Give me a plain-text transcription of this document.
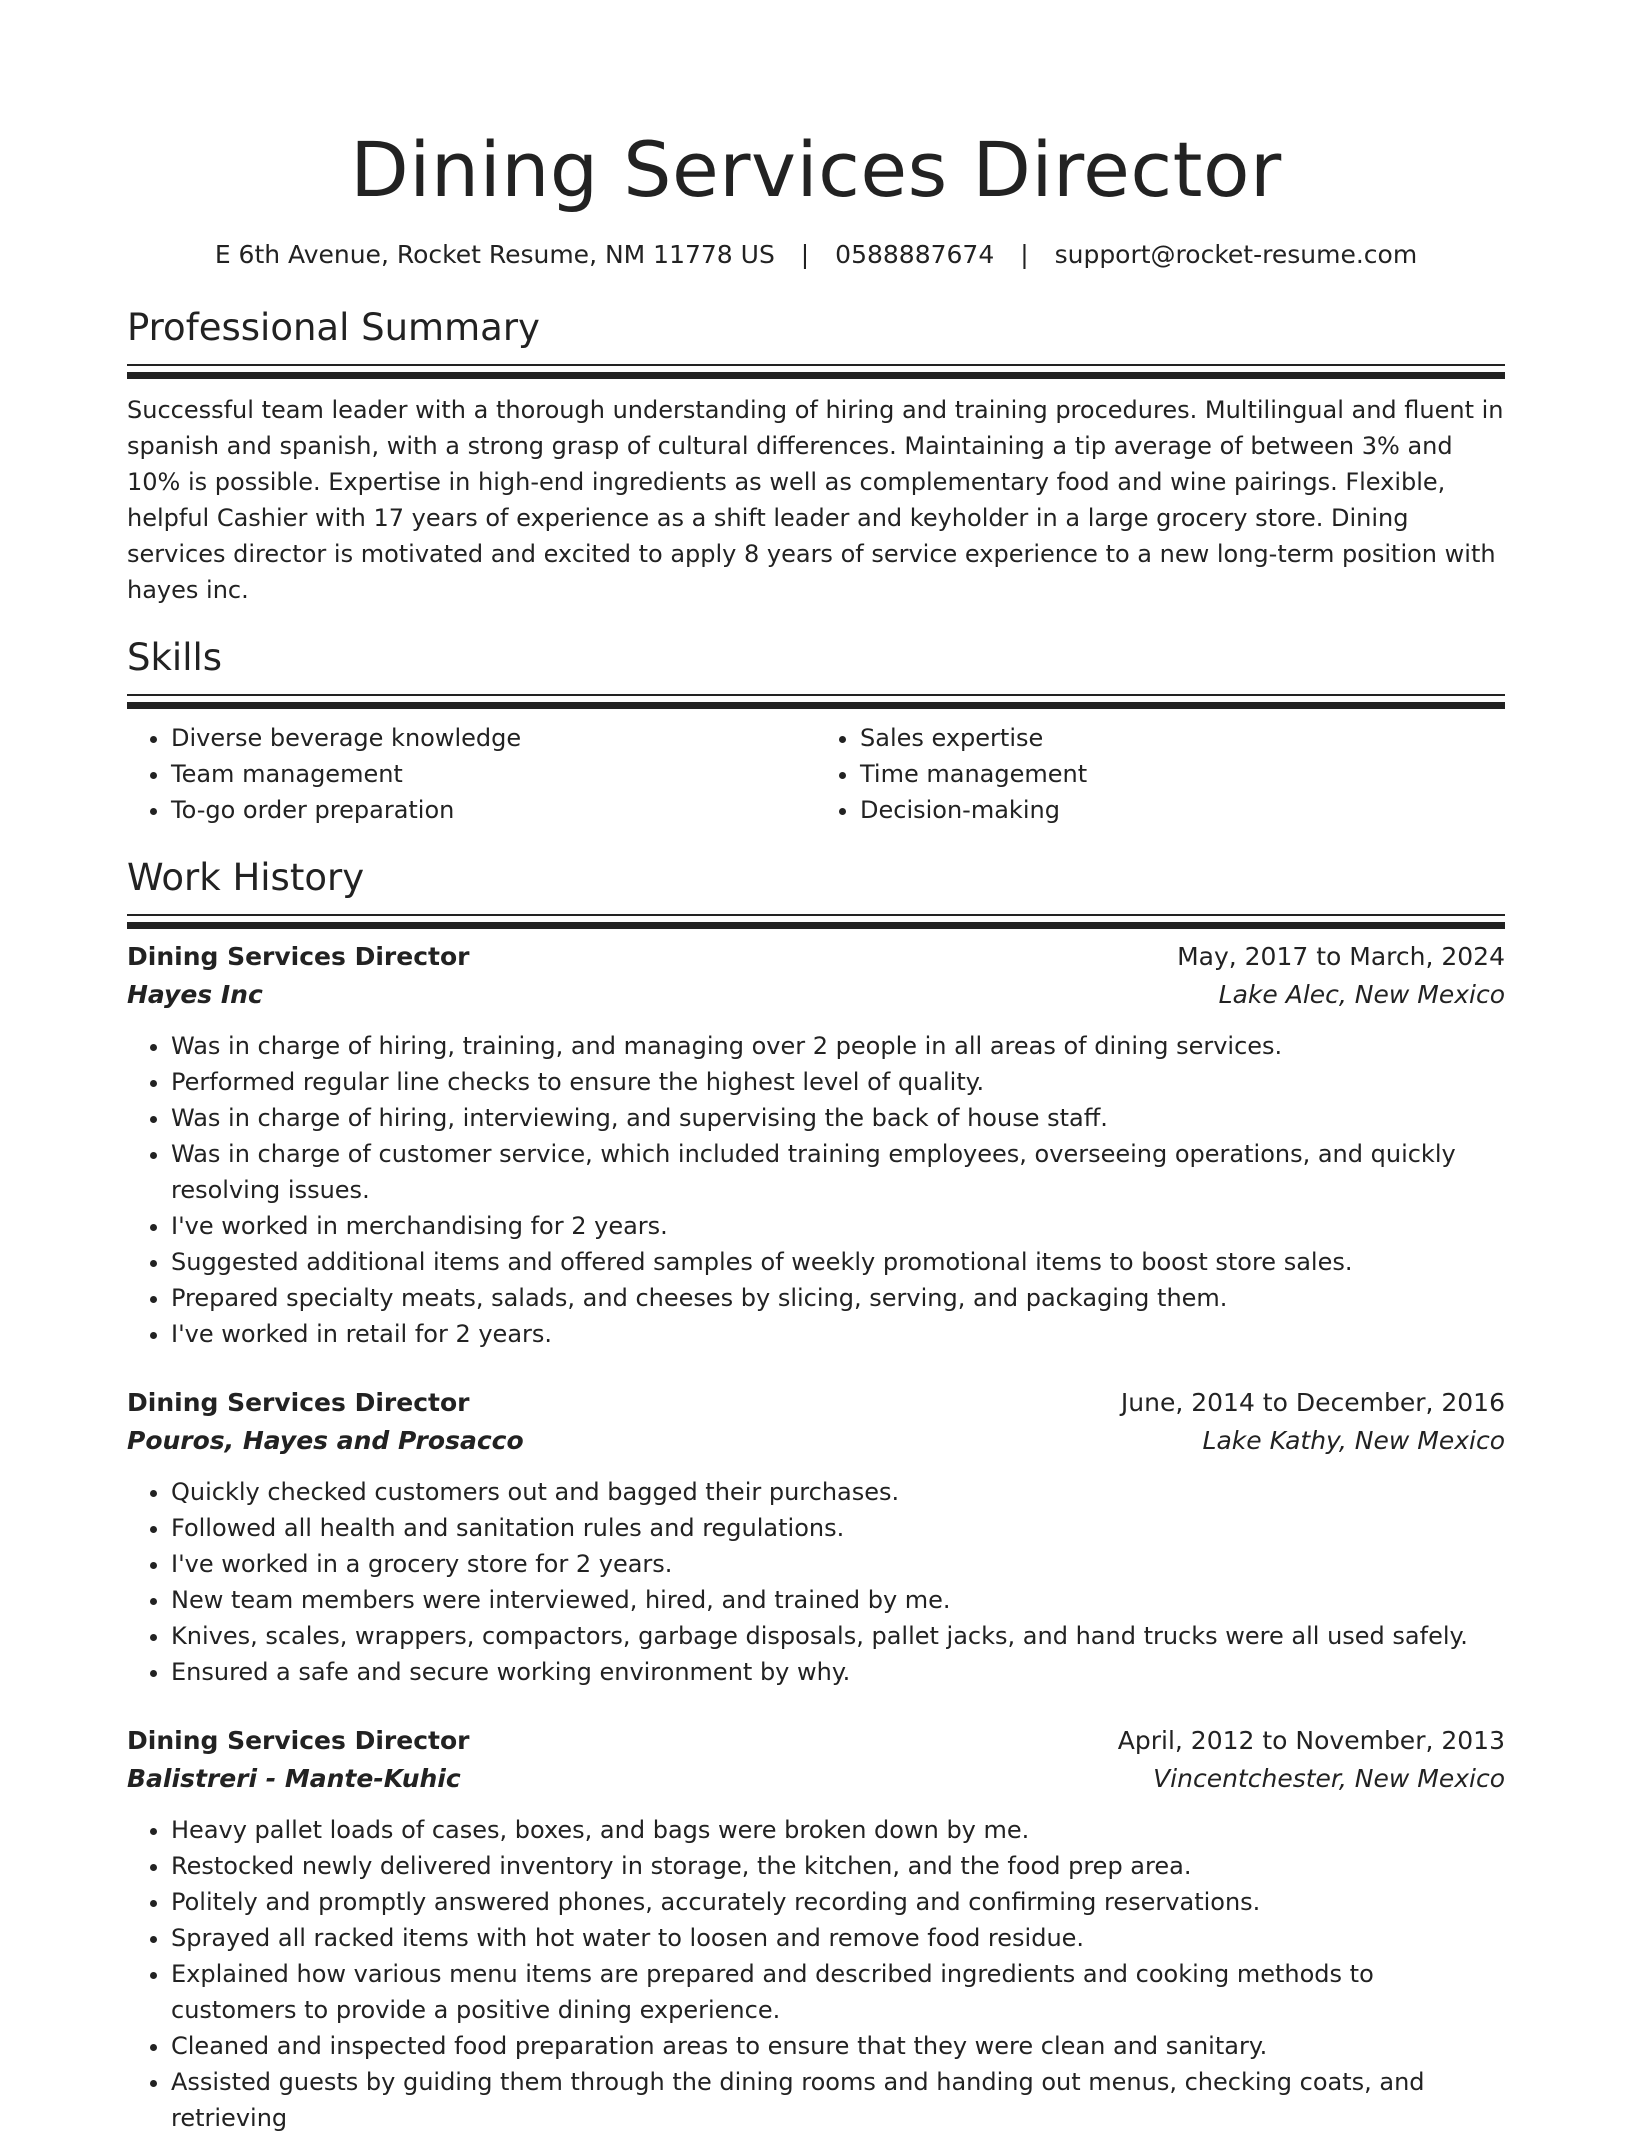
Dining Services Director
E 6th Avenue, Rocket Resume, NM 11778 US | 0588887674 | support@rocket-resume.com
Professional Summary
Successful team leader with a thorough understanding of hiring and training procedures. Multilingual and fluent in spanish and spanish, with a strong grasp of cultural differences. Maintaining a tip average of between 3% and 10% is possible. Expertise in high-end ingredients as well as complementary food and wine pairings. Flexible, helpful Cashier with 17 years of experience as a shift leader and keyholder in a large grocery store. Dining services director is motivated and excited to apply 8 years of service experience to a new long-term position with hayes inc.
Skills
• Diverse beverage knowledge
• Team management
• To-go order preparation
• Sales expertise
• Time management
• Decision-making
Work History
Dining Services Director	May, 2017 to March, 2024
Hayes Inc	Lake Alec, New Mexico
• Was in charge of hiring, training, and managing over 2 people in all areas of dining services.
• Performed regular line checks to ensure the highest level of quality.
• Was in charge of hiring, interviewing, and supervising the back of house staff.
• Was in charge of customer service, which included training employees, overseeing operations, and quickly resolving issues.
• I've worked in merchandising for 2 years.
• Suggested additional items and offered samples of weekly promotional items to boost store sales.
• Prepared specialty meats, salads, and cheeses by slicing, serving, and packaging them.
• I've worked in retail for 2 years.
Dining Services Director	June, 2014 to December, 2016
Pouros, Hayes and Prosacco	Lake Kathy, New Mexico
• Quickly checked customers out and bagged their purchases.
• Followed all health and sanitation rules and regulations.
• I've worked in a grocery store for 2 years.
• New team members were interviewed, hired, and trained by me.
• Knives, scales, wrappers, compactors, garbage disposals, pallet jacks, and hand trucks were all used safely.
• Ensured a safe and secure working environment by why.
Dining Services Director	April, 2012 to November, 2013
Balistreri - Mante-Kuhic	Vincentchester, New Mexico
• Heavy pallet loads of cases, boxes, and bags were broken down by me.
• Restocked newly delivered inventory in storage, the kitchen, and the food prep area.
• Politely and promptly answered phones, accurately recording and confirming reservations.
• Sprayed all racked items with hot water to loosen and remove food residue.
• Explained how various menu items are prepared and described ingredients and cooking methods to customers to provide a positive dining experience.
• Cleaned and inspected food preparation areas to ensure that they were clean and sanitary.
• Assisted guests by guiding them through the dining rooms and handing out menus, checking coats, and retrieving
